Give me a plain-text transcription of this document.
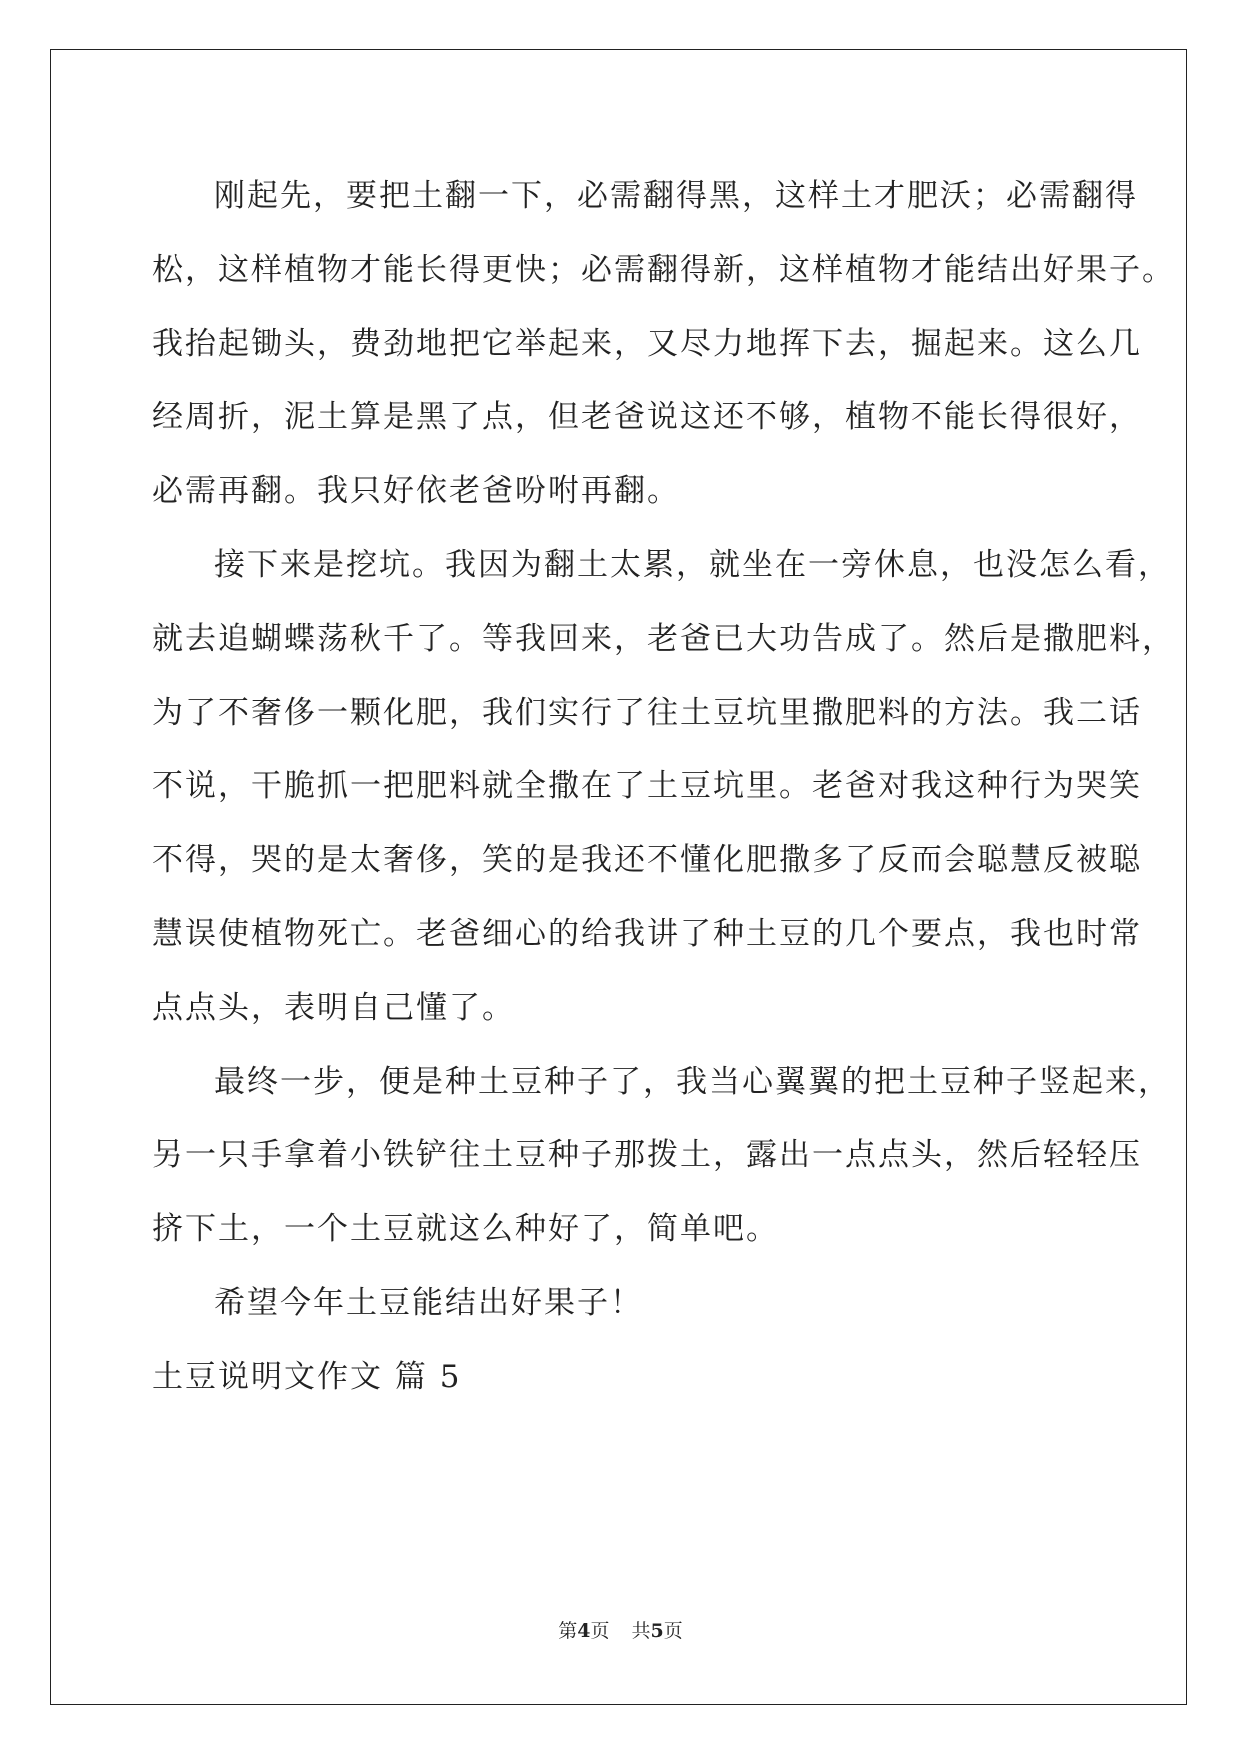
刚起先，要把土翻一下，必需翻得黑，这样土才肥沃；必需翻得
松，这样植物才能长得更快；必需翻得新，这样植物才能结出好果子。
我抬起锄头，费劲地把它举起来，又尽力地挥下去，掘起来。这么几
经周折，泥土算是黑了点，但老爸说这还不够，植物不能长得很好，
必需再翻。我只好依老爸吩咐再翻。
接下来是挖坑。我因为翻土太累，就坐在一旁休息，也没怎么看，
就去追蝴蝶荡秋千了。等我回来，老爸已大功告成了。然后是撒肥料，
为了不奢侈一颗化肥，我们实行了往土豆坑里撒肥料的方法。我二话
不说，干脆抓一把肥料就全撒在了土豆坑里。老爸对我这种行为哭笑
不得，哭的是太奢侈，笑的是我还不懂化肥撒多了反而会聪慧反被聪
慧误使植物死亡。老爸细心的给我讲了种土豆的几个要点，我也时常
点点头，表明自己懂了。
最终一步，便是种土豆种子了，我当心翼翼的把土豆种子竖起来，
另一只手拿着小铁铲往土豆种子那拨土，露出一点点头，然后轻轻压
挤下土，一个土豆就这么种好了，简单吧。
希望今年土豆能结出好果子！
土豆说明文作文 篇 5
第4页 共5页
